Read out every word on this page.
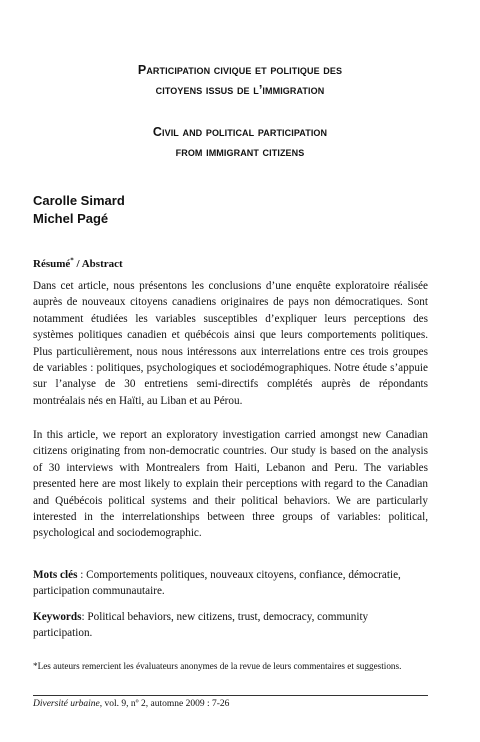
Participation civique et politique des
citoyens issus de l’immigration
Civil and political participation
from immigrant citizens
Carolle Simard
Michel Pagé
Résumé* / Abstract

Dans cet article, nous présentons les conclusions d’une enquête exploratoire réalisée auprès de nouveaux citoyens canadiens originaires de pays non démocratiques. Sont notamment étudiées les variables susceptibles d’expliquer leurs perceptions des systèmes politiques canadien et québécois ainsi que leurs comportements politiques. Plus particulièrement, nous nous intéressons aux interrelations entre ces trois groupes de variables : politiques, psychologiques et sociodémographiques. Notre étude s’appuie sur l’analyse de 30 entretiens semi-directifs complétés auprès de répondants montréalais nés en Haïti, au Liban et au Pérou.

In this article, we report an exploratory investigation carried amongst new Canadian citizens originating from non-democratic countries. Our study is based on the analysis of 30 interviews with Montrealers from Haiti, Lebanon and Peru. The variables presented here are most likely to explain their perceptions with regard to the Canadian and Québécois political systems and their political behaviors. We are particularly interested in the interrelationships between three groups of variables: political, psychological and sociodemographic.

Mots clés : Comportements politiques, nouveaux citoyens, confiance, démocratie, participation communautaire.

Keywords: Political behaviors, new citizens, trust, democracy, community participation.

*Les auteurs remercient les évaluateurs anonymes de la revue de leurs commentaires et suggestions.

Diversité urbaine, vol. 9, nº 2, automne 2009 : 7-26
